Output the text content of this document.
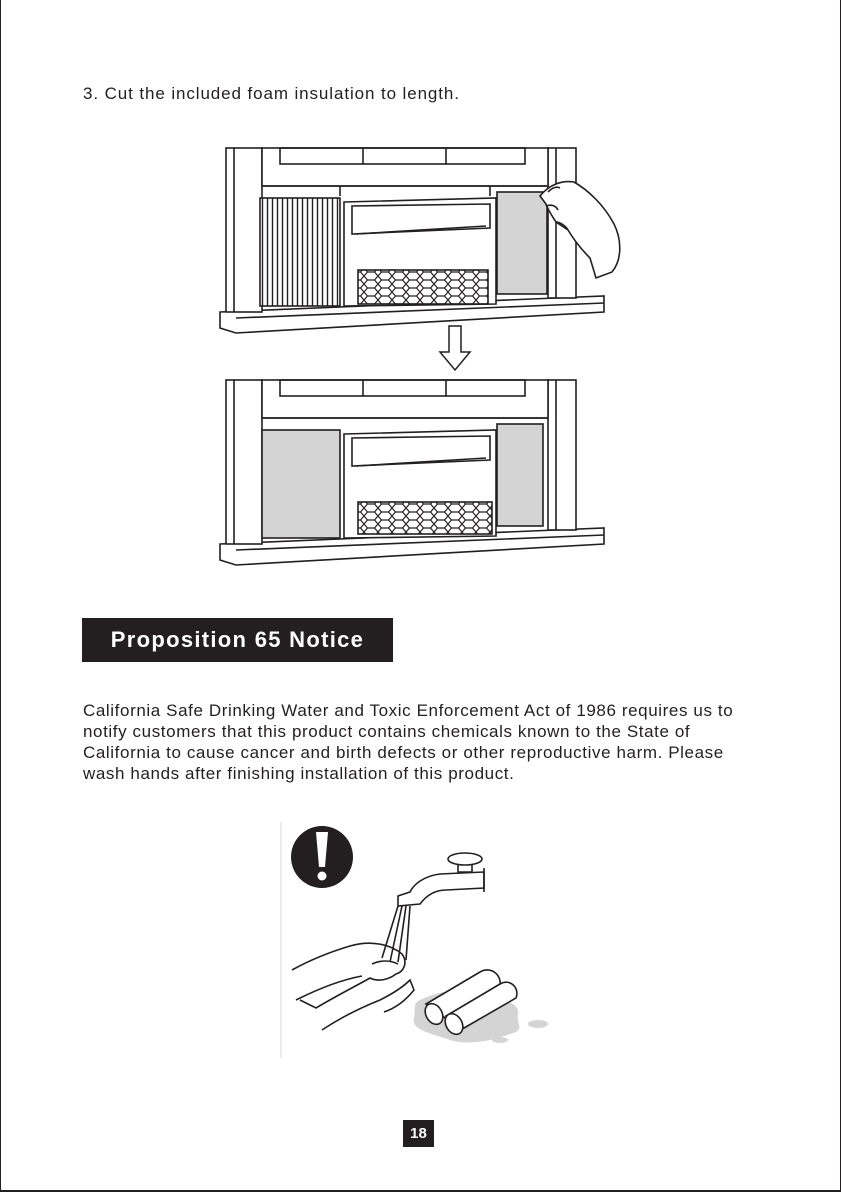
3. Cut the included foam insulation to length.

Proposition 65 Notice

California Safe Drinking Water and Toxic Enforcement Act of 1986 requires us to notify customers that this product contains chemicals known to the State of California to cause cancer and birth defects or other reproductive harm. Please wash hands after finishing installation of this product.

18
